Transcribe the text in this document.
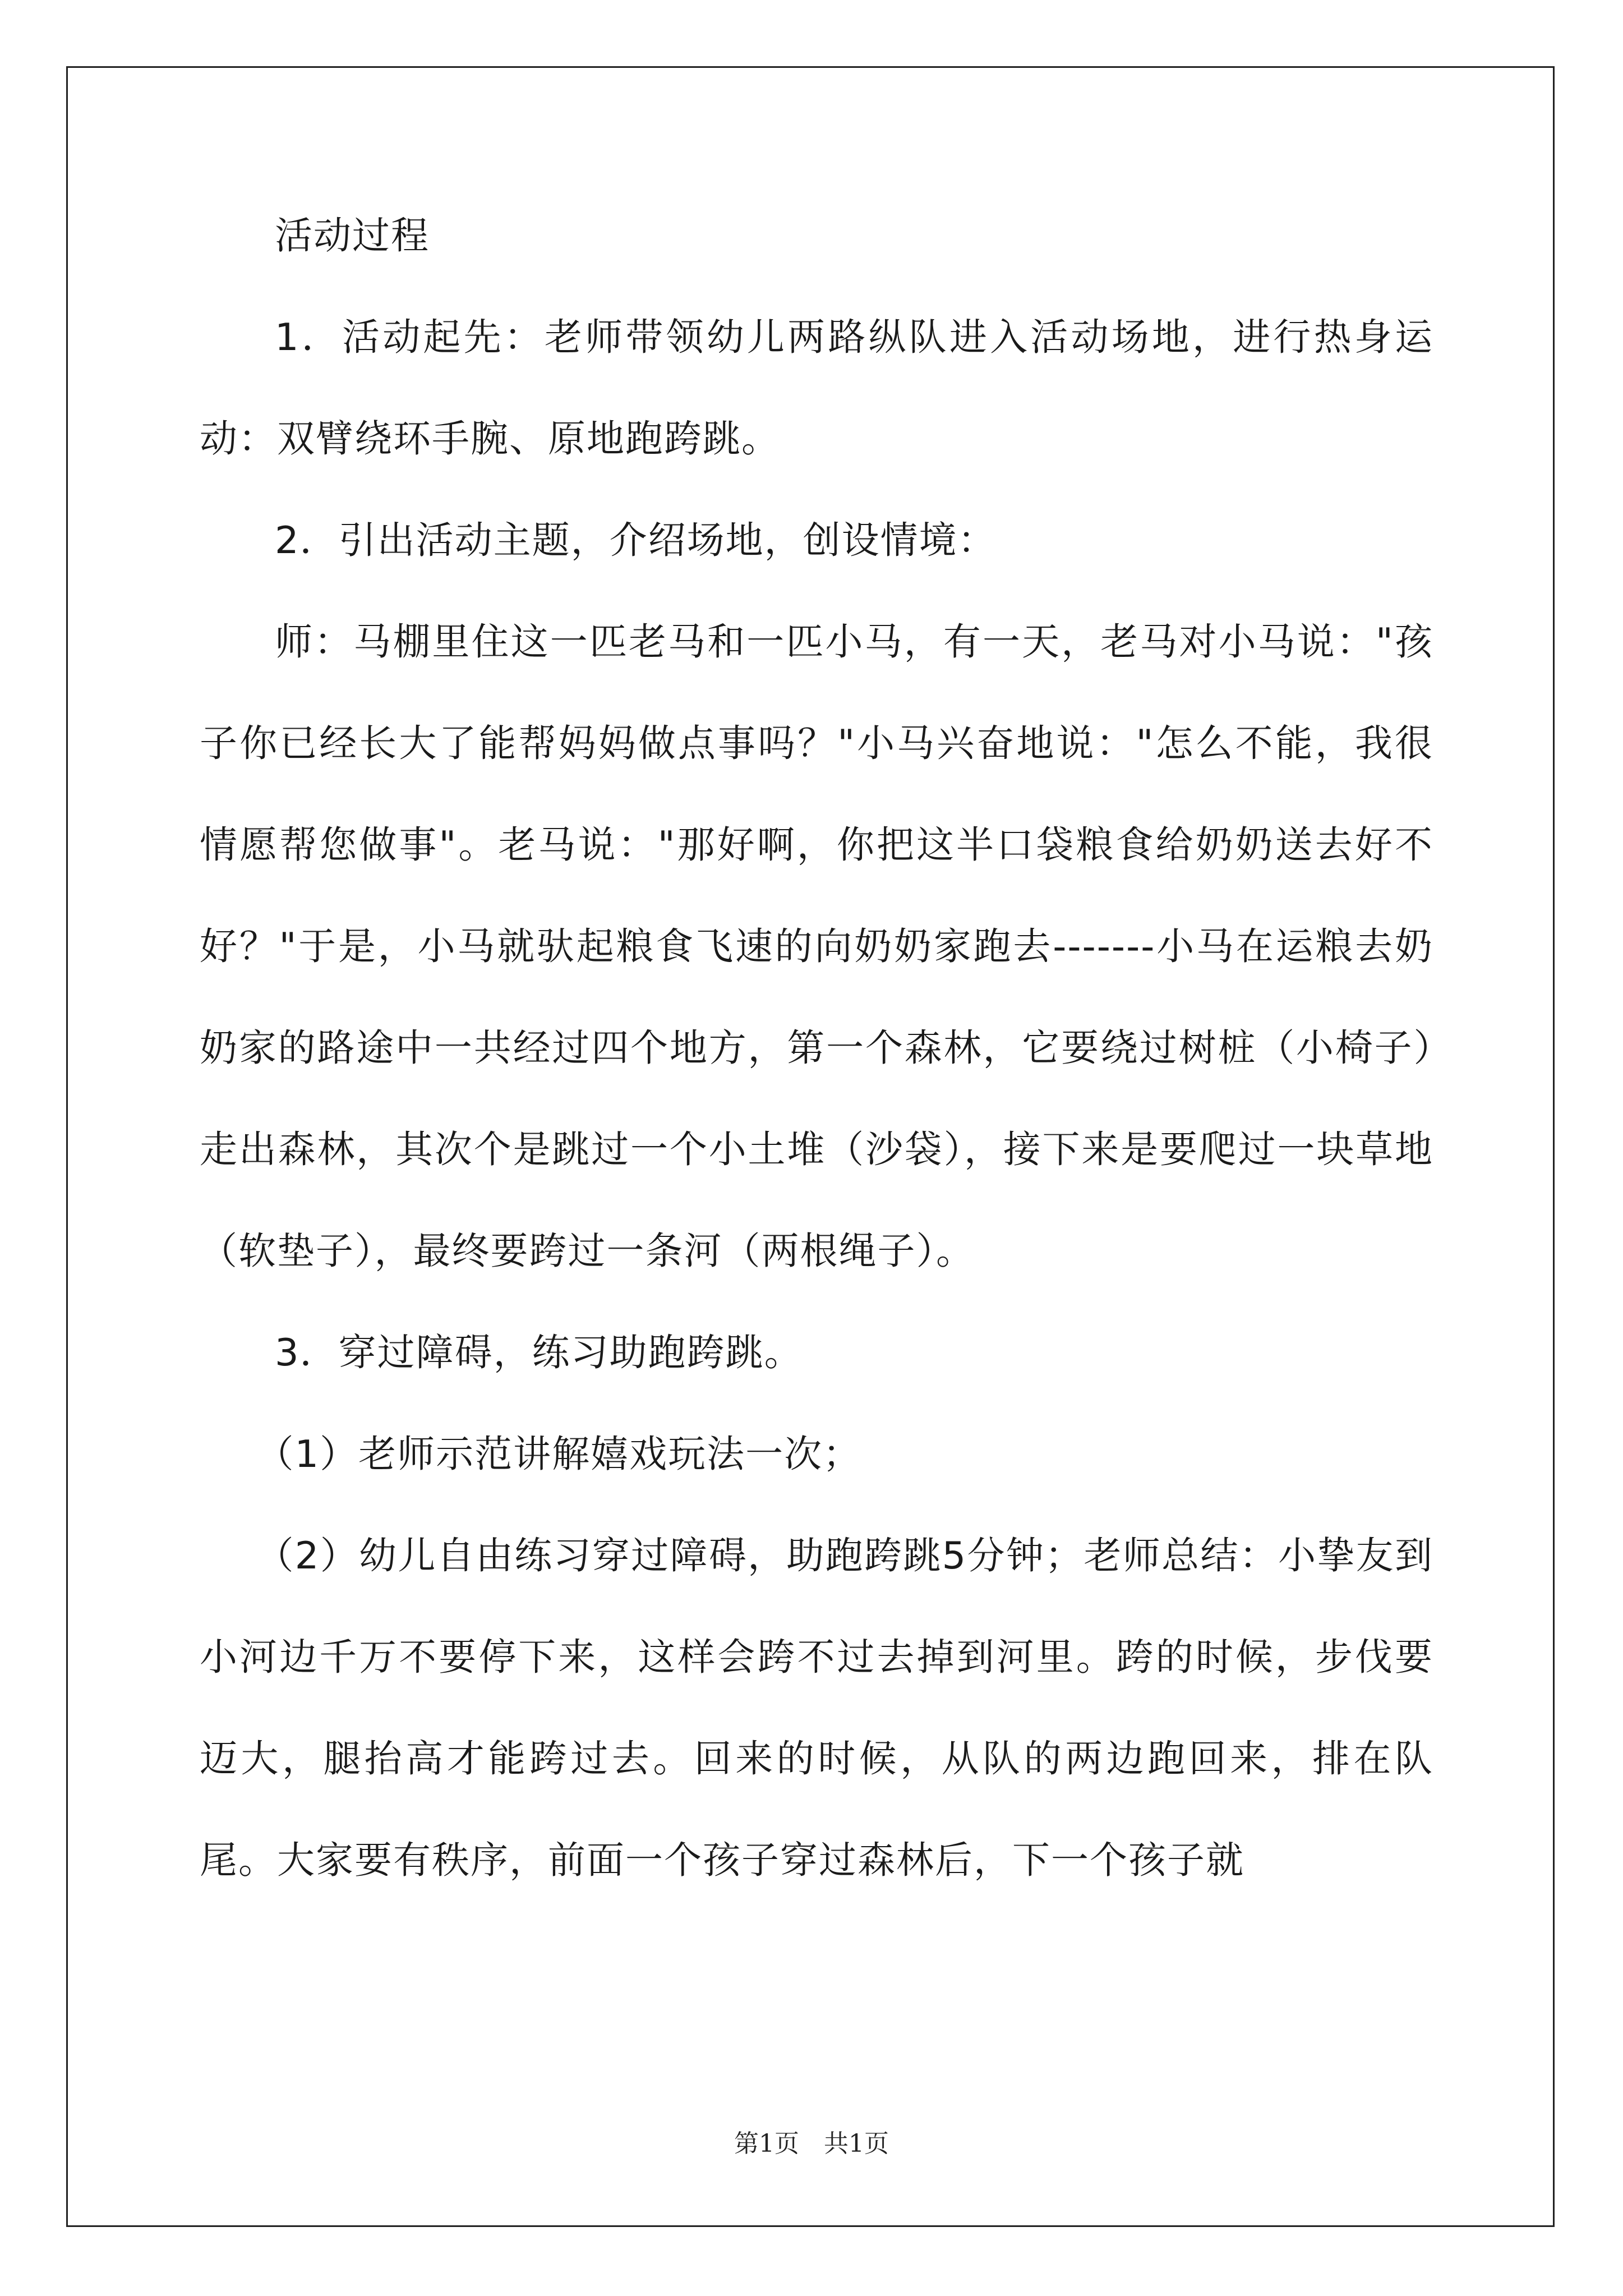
活动过程

1．活动起先：老师带领幼儿两路纵队进入活动场地，进行热身运动：双臂绕环手腕、原地跑跨跳。

2．引出活动主题，介绍场地，创设情境：

师：马棚里住这一匹老马和一匹小马，有一天，老马对小马说："孩子你已经长大了能帮妈妈做点事吗？"小马兴奋地说："怎么不能，我很情愿帮您做事"。老马说："那好啊，你把这半口袋粮食给奶奶送去好不好？"于是，小马就驮起粮食飞速的向奶奶家跑去-------小马在运粮去奶奶家的路途中一共经过四个地方，第一个森林，它要绕过树桩（小椅子）走出森林，其次个是跳过一个小土堆（沙袋），接下来是要爬过一块草地（软垫子），最终要跨过一条河（两根绳子）。

3．穿过障碍，练习助跑跨跳。

（1）老师示范讲解嬉戏玩法一次；

（2）幼儿自由练习穿过障碍，助跑跨跳5分钟；老师总结：小挚友到小河边千万不要停下来，这样会跨不过去掉到河里。跨的时候，步伐要迈大，腿抬高才能跨过去。回来的时候，从队的两边跑回来，排在队尾。大家要有秩序，前面一个孩子穿过森林后，下一个孩子就

第1页　共1页
